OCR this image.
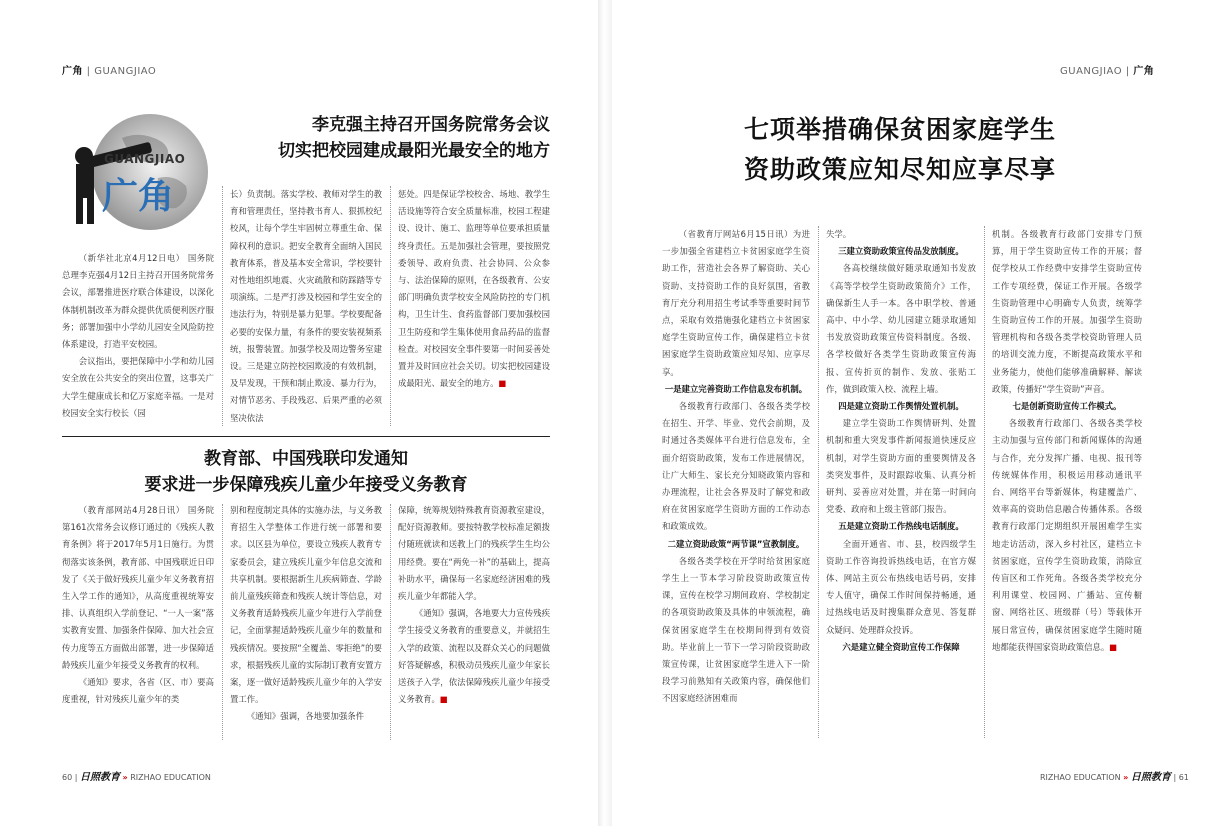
广角 | GUANGJIAO
GUANGJIAO
广角
李克强主持召开国务院常务会议
切实把校园建成最阳光最安全的地方

（新华社北京4月12日电） 国务院总理李克强4月12日主持召开国务院常务会议，部署推进医疗联合体建设，以深化体制机制改革为群众提供优质便利医疗服务；部署加强中小学幼儿园安全风险防控体系建设，打造平安校园。

会议指出，要把保障中小学和幼儿园安全放在公共安全的突出位置，这事关广大学生健康成长和亿万家庭幸福。一是对校园安全实行校长（园

长）负责制。落实学校、教师对学生的教育和管理责任，坚持教书育人、狠抓校纪校风，让每个学生牢固树立尊重生命、保障权利的意识。把安全教育全面纳入国民教育体系，普及基本安全常识，学校要针对性地组织地震、火灾疏散和防踩踏等专项演练。二是严打涉及校园和学生安全的违法行为，特别是暴力犯罪。学校要配备必要的安保力量，有条件的要安装视频系统，报警装置。加强学校及周边警务室建设。三是建立防控校园欺凌的有效机制，及早发现，干预和制止欺凌、暴力行为，对情节恶劣、手段残忍、后果严重的必须坚决依法
惩处。四是保证学校校舍、场地、教学生活设施等符合安全质量标准，校园工程建设、设计、施工、监理等单位要承担质量终身责任。五是加强社会管理，要按照党委领导、政府负责、社会协同、公众参与、法治保障的原则，在各级教育、公安部门明确负责学校安全风险防控的专门机构，卫生计生、食药监督部门要加强校园卫生防疫和学生集体使用食品药品的监督检查。对校园安全事件要第一时间妥善处置并及时回应社会关切。切实把校园建设成最阳光、最安全的地方。■
教育部、中国残联印发通知
要求进一步保障残疾儿童少年接受义务教育

（教育部网站4月28日讯） 国务院第161次常务会议修订通过的《残疾人教育条例》将于2017年5月1日施行。为贯彻落实该条例，教育部、中国残联近日印发了《关于做好残疾儿童少年义务教育招生入学工作的通知》，从高度重视统筹安排、认真组织入学前登记、“一人一案”落实教育安置、加强条件保障、加大社会宣传力度等五方面做出部署，进一步保障适龄残疾儿童少年接受义务教育的权利。

《通知》要求，各省（区、市）要高度重视，针对残疾儿童少年的类

别和程度制定具体的实施办法，与义务教育招生入学整体工作进行统一部署和要求。以区县为单位，要设立残疾人教育专家委员会，建立残疾儿童少年信息交流和共享机制。要根据新生儿疾病筛查、学龄前儿童残疾筛查和残疾人统计等信息，对义务教育适龄残疾儿童少年进行入学前登记，全面掌握适龄残疾儿童少年的数量和残疾情况。要按照“全覆盖、零拒绝”的要求，根据残疾儿童的实际制订教育安置方案，逐一做好适龄残疾儿童少年的入学安置工作。

《通知》强调，各地要加强条件

保障，统筹规划特殊教育资源教室建设，配好资源教师。要按特教学校标准足额拨付随班就读和送教上门的残疾学生生均公用经费。要在“两免一补”的基础上，提高补助水平，确保每一名家庭经济困难的残疾儿童少年都能入学。

《通知》强调，各地要大力宣传残疾学生接受义务教育的重要意义，并就招生入学的政策、流程以及群众关心的问题做好答疑解惑，积极动员残疾儿童少年家长送孩子入学，依法保障残疾儿童少年接受义务教育。■

60 | 日照教育 » RIZHAO EDUCATION
GUANGJIAO | 广角
七项举措确保贫困家庭学生
资助政策应知尽知应享尽享

（省教育厅网站6月15日讯）为进一步加强全省建档立卡贫困家庭学生资助工作，营造社会各界了解资助、关心资助、支持资助工作的良好氛围，省教育厅充分利用招生考试季等重要时间节点，采取有效措施强化建档立卡贫困家庭学生资助宣传工作，确保建档立卡贫困家庭学生资助政策应知尽知、应享尽享。

一是建立完善资助工作信息发布机制。

各级教育行政部门、各级各类学校在招生、开学、毕业、党代会前期，及时通过各类媒体平台进行信息发布，全面介绍资助政策，发布工作进展情况，让广大师生、家长充分知晓政策内容和办理流程，让社会各界及时了解党和政府在贫困家庭学生资助方面的工作动态和政策成效。

二建立资助政策“两节课”宣教制度。

各级各类学校在开学时给贫困家庭学生上一节本学习阶段资助政策宣传课，宣传在校学习期间政府、学校制定的各项资助政策及具体的申领流程，确保贫困家庭学生在校期间得到有效资助。毕业前上一节下一学习阶段资助政策宣传课，让贫困家庭学生进入下一阶段学习前熟知有关政策内容，确保他们不因家庭经济困难而

失学。

三建立资助政策宣传品发放制度。

各高校继续做好随录取通知书发放《高等学校学生资助政策简介》工作，确保新生人手一本。各中职学校、普通高中、中小学、幼儿园建立随录取通知书发放资助政策宣传资料制度。各级、各学校做好各类学生资助政策宣传海报、宣传折页的制作、发放、张贴工作，做到政策入校、流程上墙。

四是建立资助工作舆情处置机制。

建立学生资助工作舆情研判、处置机制和重大突发事件新闻报道快速反应机制，对学生资助方面的重要舆情及各类突发事件，及时跟踪收集、认真分析研判、妥善应对处置，并在第一时间向党委、政府和上级主管部门报告。

五是建立资助工作热线电话制度。

全面开通省、市、县，校四级学生资助工作咨询投诉热线电话，在官方媒体、网站主页公布热线电话号码，安排专人值守，确保工作时间保持畅通，通过热线电话及时搜集群众意见、答复群众疑问、处理群众投诉。

六是建立健全资助宣传工作保障

机制。各级教育行政部门安排专门预算，用于学生资助宣传工作的开展；督促学校从工作经费中安排学生资助宣传工作专项经费，保证工作开展。各级学生资助管理中心明确专人负责，统筹学生资助宣传工作的开展。加强学生资助管理机构和各级各类学校资助管理人员的培训交流力度，不断提高政策水平和业务能力，使他们能够准确解释、解读政策，传播好“学生资助”声音。

七是创新资助宣传工作模式。

各级教育行政部门、各级各类学校主动加强与宣传部门和新闻媒体的沟通与合作，充分发挥广播、电视、报刊等传统媒体作用，积极运用移动通讯平台、网络平台等新媒体，构建覆盖广、效率高的资助信息融合传播体系。各级教育行政部门定期组织开展困难学生实地走访活动，深入乡村社区，建档立卡贫困家庭，宣传学生资助政策，消除宣传盲区和工作死角。各级各类学校充分利用课堂、校园网、广播站、宣传橱窗、网络社区、班级群（号）等载体开展日常宣传，确保贫困家庭学生随时随地都能获得国家资助政策信息。■

RIZHAO EDUCATION » 日照教育 | 61
